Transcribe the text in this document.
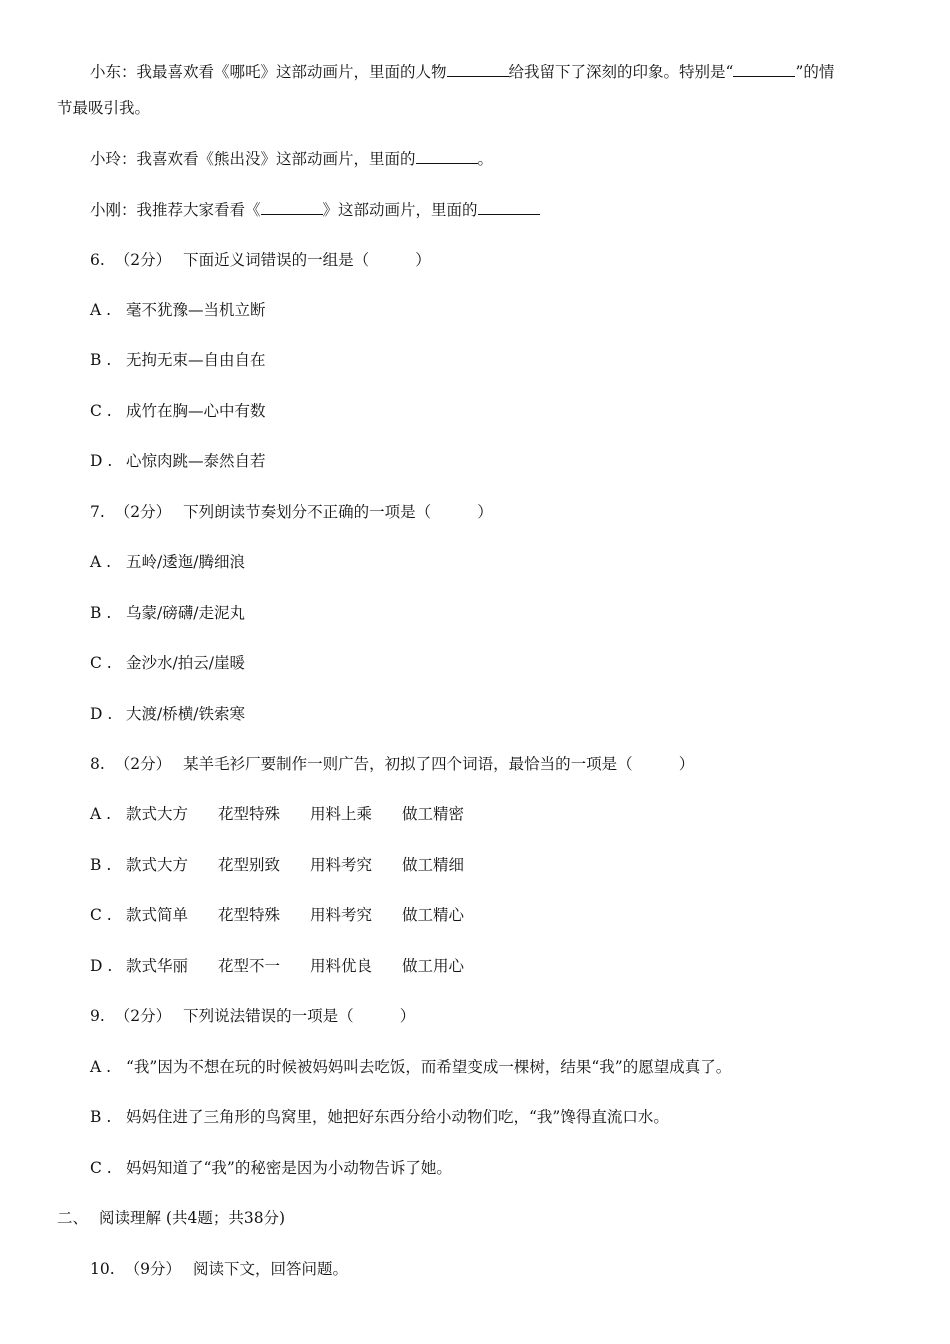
小东：我最喜欢看《哪吒》这部动画片，里面的人物	给我留下了深刻的印象。特别是“	”的情
节最吸引我。
小玲：我喜欢看《熊出没》这部动画片，里面的	。
小刚：我推荐大家看看《	》这部动画片，里面的
6. （2分） 下面近义词错误的一组是（	）
A . 毫不犹豫—当机立断
B . 无拘无束—自由自在
C . 成竹在胸—心中有数
D . 心惊肉跳—泰然自若
7. （2分） 下列朗读节奏划分不正确的一项是（	）
A . 五岭/逶迤/腾细浪
B . 乌蒙/磅礴/走泥丸
C . 金沙水/拍云/崖暖
D . 大渡/桥横/铁索寒
8. （2分） 某羊毛衫厂要制作一则广告，初拟了四个词语，最恰当的一项是（	）
A . 款式大方 花型特殊 用料上乘 做工精密
B . 款式大方 花型别致 用料考究 做工精细
C . 款式简单 花型特殊 用料考究 做工精心
D . 款式华丽 花型不一 用料优良 做工用心
9. （2分） 下列说法错误的一项是（	）
A . “我”因为不想在玩的时候被妈妈叫去吃饭，而希望变成一棵树，结果“我”的愿望成真了。
B . 妈妈住进了三角形的鸟窝里，她把好东西分给小动物们吃，“我”馋得直流口水。
C . 妈妈知道了“我”的秘密是因为小动物告诉了她。
二、 阅读理解 (共4题；共38分)
10. （9分） 阅读下文，回答问题。
